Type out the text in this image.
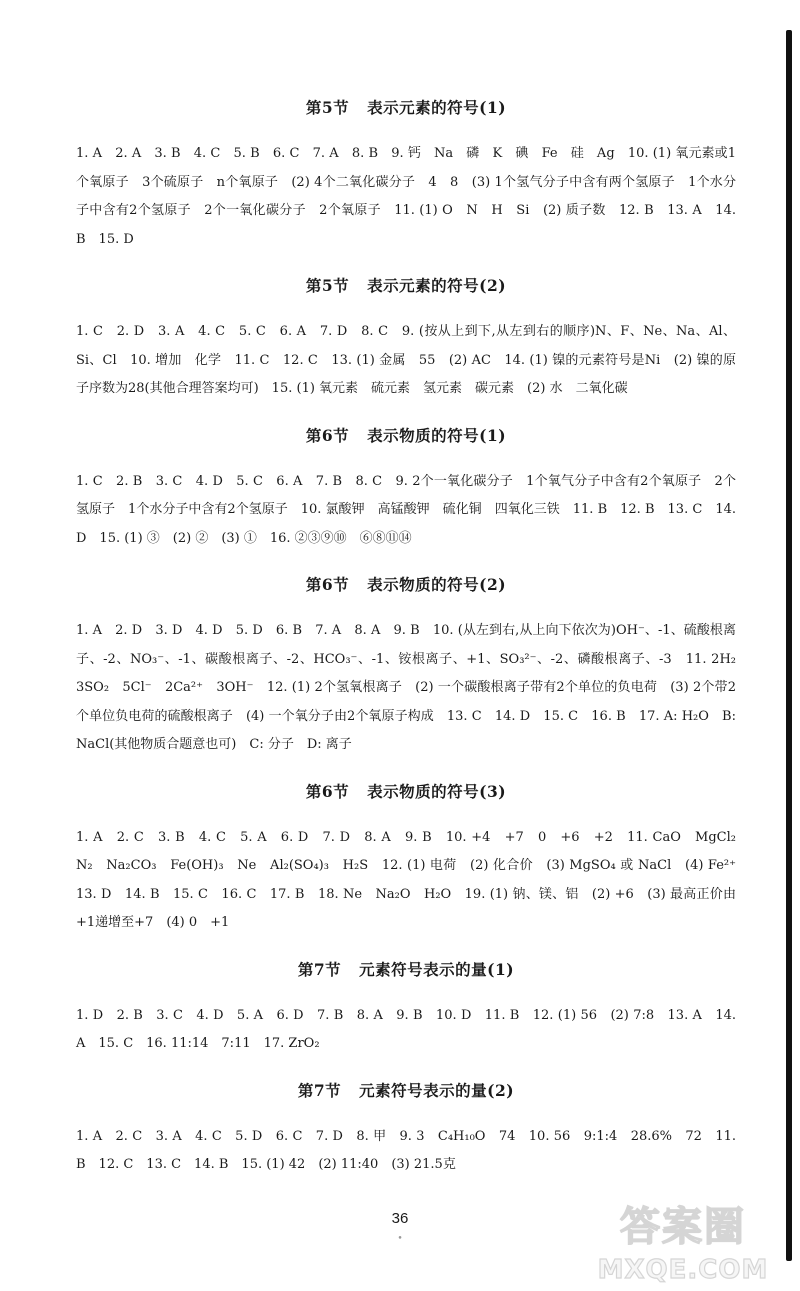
第5节 表示元素的符号(1)

1. A　2. A　3. B　4. C　5. B　6. C　7. A　8. B　9. 钙　Na　磷　K　碘　Fe　硅　Ag　10. (1) 氧元素或1个氧原子　3个硫原子　n个氧原子　(2) 4个二氧化碳分子　4　8　(3) 1个氢气分子中含有两个氢原子　1个水分子中含有2个氢原子　2个一氧化碳分子　2个氧原子　11. (1) O　N　H　Si　(2) 质子数　12. B　13. A　14. B　15. D

第5节 表示元素的符号(2)

1. C　2. D　3. A　4. C　5. C　6. A　7. D　8. C　9. (按从上到下,从左到右的顺序)N、F、Ne、Na、Al、Si、Cl　10. 增加　化学　11. C　12. C　13. (1) 金属　55　(2) AC　14. (1) 镍的元素符号是Ni　(2) 镍的原子序数为28(其他合理答案均可)　15. (1) 氧元素　硫元素　氢元素　碳元素　(2) 水　二氧化碳

第6节 表示物质的符号(1)

1. C　2. B　3. C　4. D　5. C　6. A　7. B　8. C　9. 2个一氧化碳分子　1个氧气分子中含有2个氧原子　2个氢原子　1个水分子中含有2个氢原子　10. 氯酸钾　高锰酸钾　硫化铜　四氧化三铁　11. B　12. B　13. C　14. D　15. (1) ③　(2) ②　(3) ①　16. ②③⑨⑩　⑥⑧⑪⑭

第6节 表示物质的符号(2)

1. A　2. D　3. D　4. D　5. D　6. B　7. A　8. A　9. B　10. (从左到右,从上向下依次为)OH⁻、-1、硫酸根离子、-2、NO₃⁻、-1、碳酸根离子、-2、HCO₃⁻、-1、铵根离子、+1、SO₃²⁻、-2、磷酸根离子、-3　11. 2H₂　3SO₂　5Cl⁻　2Ca²⁺　3OH⁻　12. (1) 2个氢氧根离子　(2) 一个碳酸根离子带有2个单位的负电荷　(3) 2个带2个单位负电荷的硫酸根离子　(4) 一个氧分子由2个氧原子构成　13. C　14. D　15. C　16. B　17. A: H₂O　B: NaCl(其他物质合题意也可)　C: 分子　D: 离子

第6节 表示物质的符号(3)

1. A　2. C　3. B　4. C　5. A　6. D　7. D　8. A　9. B　10. +4　+7　0　+6　+2　11. CaO　MgCl₂　N₂　Na₂CO₃　Fe(OH)₃　Ne　Al₂(SO₄)₃　H₂S　12. (1) 电荷　(2) 化合价　(3) MgSO₄ 或 NaCl　(4) Fe²⁺　13. D　14. B　15. C　16. C　17. B　18. Ne　Na₂O　H₂O　19. (1) 钠、镁、铝　(2) +6　(3) 最高正价由+1递增至+7　(4) 0　+1

第7节 元素符号表示的量(1)

1. D　2. B　3. C　4. D　5. A　6. D　7. B　8. A　9. B　10. D　11. B　12. (1) 56　(2) 7:8　13. A　14. A　15. C　16. 11:14　7:11　17. ZrO₂

第7节 元素符号表示的量(2)

1. A　2. C　3. A　4. C　5. D　6. C　7. D　8. 甲　9. 3　C₄H₁₀O　74　10. 56　9:1:4　28.6%　72　11. B　12. C　13. C　14. B　15. (1) 42　(2) 11:40　(3) 21.5克

36
•	答案圈
MXQE.COM
